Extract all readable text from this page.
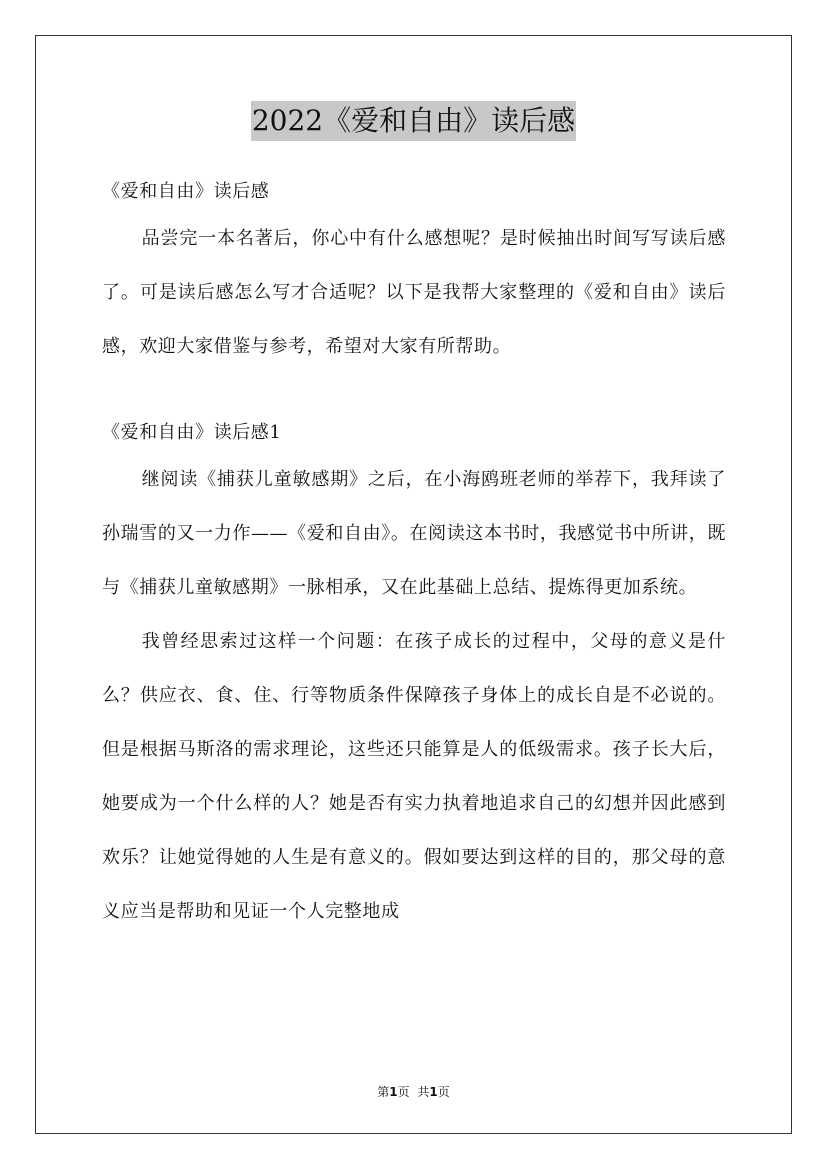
2022《爱和自由》读后感

《爱和自由》读后感

品尝完一本名著后，你心中有什么感想呢？是时候抽出时间写写读后感了。可是读后感怎么写才合适呢？以下是我帮大家整理的《爱和自由》读后感，欢迎大家借鉴与参考，希望对大家有所帮助。

《爱和自由》读后感1

继阅读《捕获儿童敏感期》之后，在小海鸥班老师的举荐下，我拜读了孙瑞雪的又一力作——《爱和自由》。在阅读这本书时，我感觉书中所讲，既与《捕获儿童敏感期》一脉相承，又在此基础上总结、提炼得更加系统。

我曾经思索过这样一个问题：在孩子成长的过程中，父母的意义是什么？供应衣、食、住、行等物质条件保障孩子身体上的成长自是不必说的。但是根据马斯洛的需求理论，这些还只能算是人的低级需求。孩子长大后，她要成为一个什么样的人？她是否有实力执着地追求自己的幻想并因此感到欢乐？让她觉得她的人生是有意义的。假如要达到这样的目的，那父母的意义应当是帮助和见证一个人完整地成

第1页 共1页
